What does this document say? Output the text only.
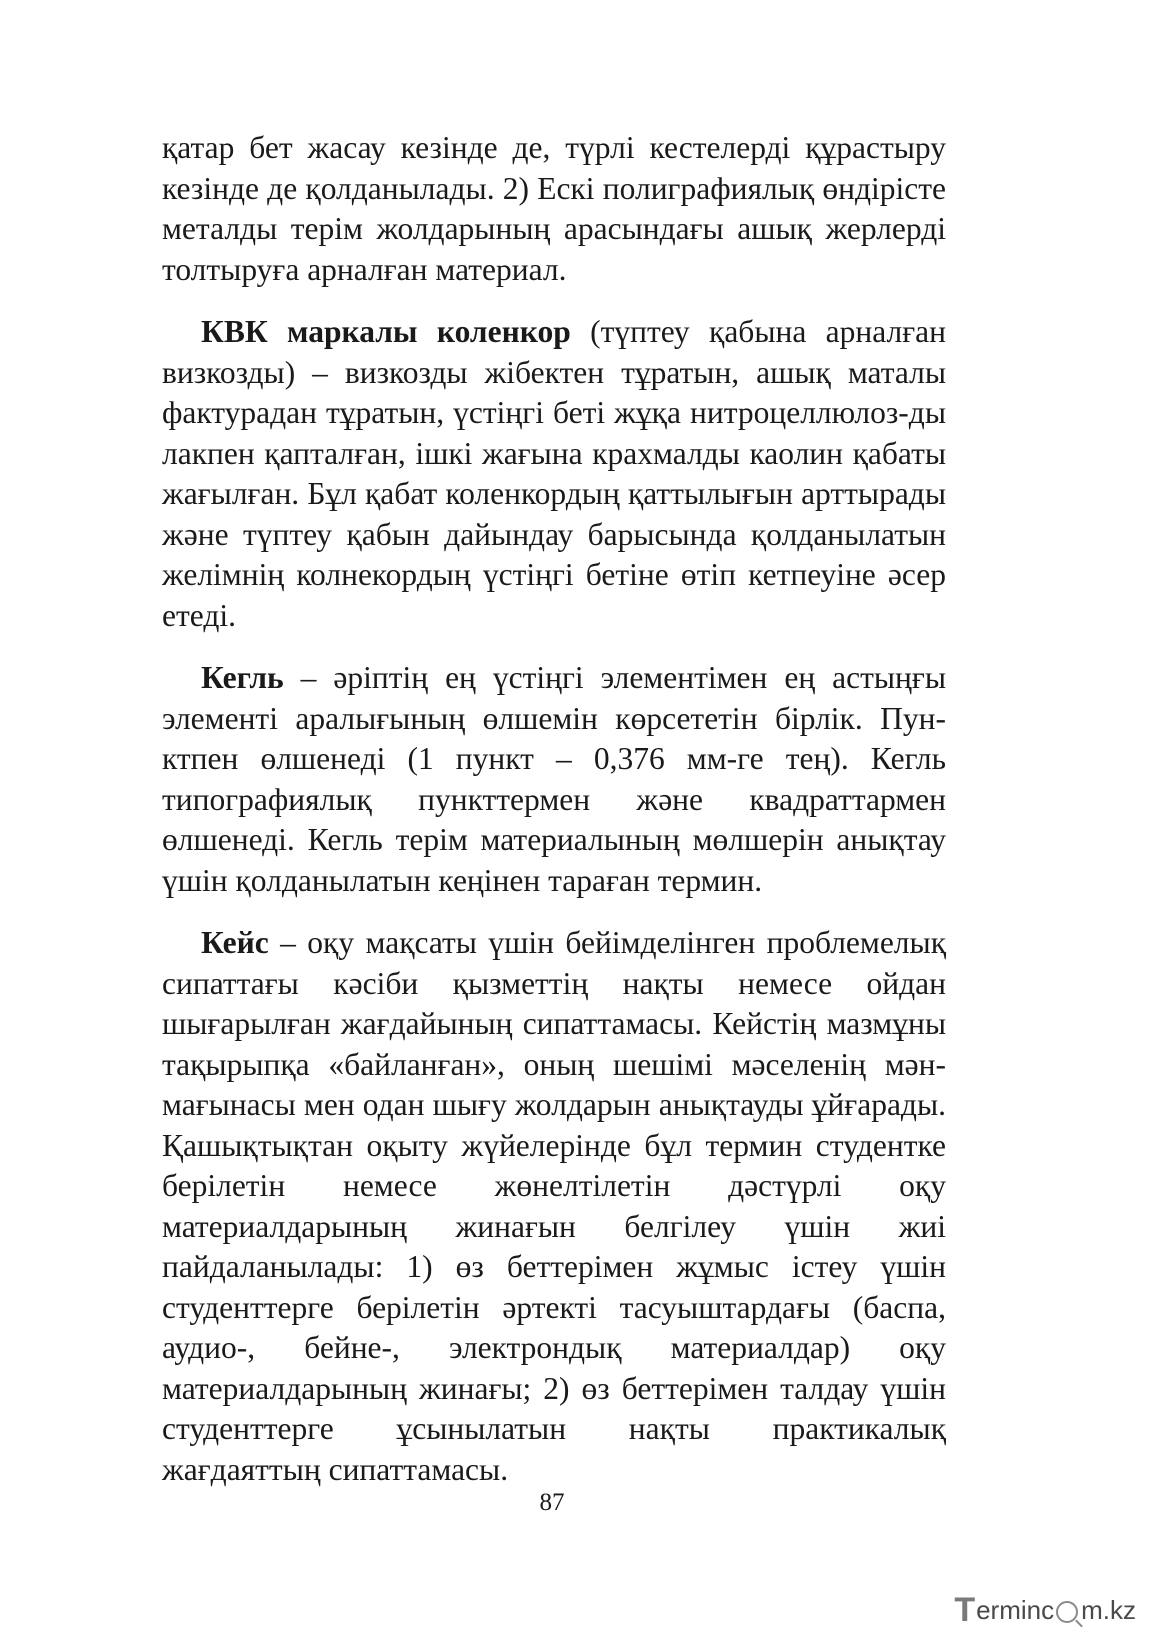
қатар бет жасау кезінде де, түрлі кестелерді құрастыру кезінде де қолданылады. 2) Ескі полиграфиялық өндірісте металды терім жолдарының арасындағы ашық жерлерді толтыруға арналған материал.

КВК маркалы коленкор (түптеу қабына арналған визкозды) – визкозды жібектен тұратын, ашық маталы фактурадан тұратын, үстіңгі беті жұқа нитроцеллюлоз-ды лакпен қапталған, ішкі жағына крахмалды каолин қабаты жағылған. Бұл қабат коленкордың қаттылығын арттырады және түптеу қабын дайындау барысында қолданылатын желімнің колнекордың үстіңгі бетіне өтіп кетпеуіне әсер етеді.

Кегль – әріптің ең үстіңгі элементімен ең астыңғы элементі аралығының өлшемін көрсететін бірлік. Пун-ктпен өлшенеді (1 пункт – 0,376 мм-ге тең). Кегль типографиялық пункттермен және квадраттармен өлшенеді. Кегль терім материалының мөлшерін анықтау үшін қолданылатын кеңінен тараған термин.

Кейс – оқу мақсаты үшін бейімделінген проблемелық сипаттағы кәсіби қызметтің нақты немесе ойдан шығарылған жағдайының сипаттамасы. Кейстің мазмұны тақырыпқа «байланған», оның шешімі мәселенің мән-мағынасы мен одан шығу жолдарын анықтауды ұйғарады. Қашықтықтан оқыту жүйелерінде бұл термин студентке берілетін немесе жөнелтілетін дәстүрлі оқу материалдарының жинағын белгілеу үшін жиі пайдаланылады: 1) өз беттерімен жұмыс істеу үшін студенттерге берілетін әртекті тасуыштардағы (баспа, аудио-, бейне-, электрондық материалдар) оқу материалдарының жинағы; 2) өз беттерімен талдау үшін студенттерге ұсынылатын нақты практикалық жағдаяттың сипаттамасы.

87
T erminc m.kz
